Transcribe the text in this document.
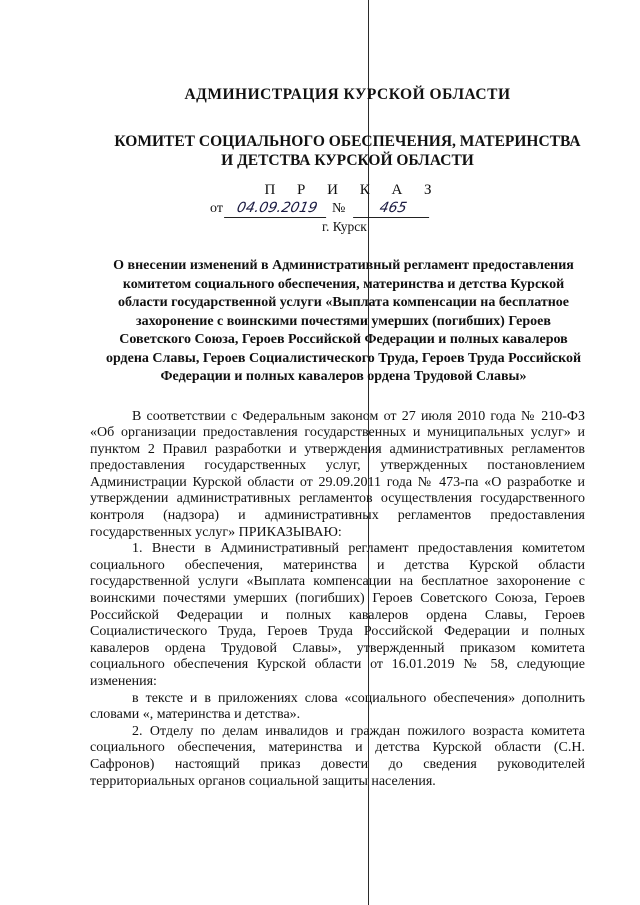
АДМИНИСТРАЦИЯ КУРСКОЙ ОБЛАСТИ
КОМИТЕТ СОЦИАЛЬНОГО ОБЕСПЕЧЕНИЯ, МАТЕРИНСТВА И ДЕТСТВА КУРСКОЙ ОБЛАСТИ
П Р И К А З
от 04.09.2019 № 465
г. Курск
О внесении изменений в Административный регламент предоставления комитетом социального обеспечения, материнства и детства Курской области государственной услуги «Выплата компенсации на бесплатное захоронение с воинскими почестями умерших (погибших) Героев Советского Союза, Героев Российской Федерации и полных кавалеров ордена Славы, Героев Социалистического Труда, Героев Труда Российской Федерации и полных кавалеров ордена Трудовой Славы»

В соответствии с Федеральным законом от 27 июля 2010 года № 210-ФЗ «Об организации предоставления государственных и муниципальных услуг» и пунктом 2 Правил разработки и утверждения административных регламентов предоставления государственных услуг, утвержденных постановлением Администрации Курской области от 29.09.2011 года № 473-па «О разработке и утверждении административных регламентов осуществления государственного контроля (надзора) и административных регламентов предоставления государственных услуг» ПРИКАЗЫВАЮ:

1. Внести в Административный регламент предоставления комитетом социального обеспечения, материнства и детства Курской области государственной услуги «Выплата компенсации на бесплатное захоронение с воинскими почестями умерших (погибших) Героев Советского Союза, Героев Российской Федерации и полных кавалеров ордена Славы, Героев Социалистического Труда, Героев Труда Российской Федерации и полных кавалеров ордена Трудовой Славы», утвержденный приказом комитета социального обеспечения Курской области от 16.01.2019 № 58, следующие изменения:

в тексте и в приложениях слова «социального обеспечения» дополнить словами «, материнства и детства».

2. Отделу по делам инвалидов и граждан пожилого возраста комитета социального обеспечения, материнства и детства Курской области (С.Н. Сафронов) настоящий приказ довести до сведения руководителей территориальных органов социальной защиты населения.
